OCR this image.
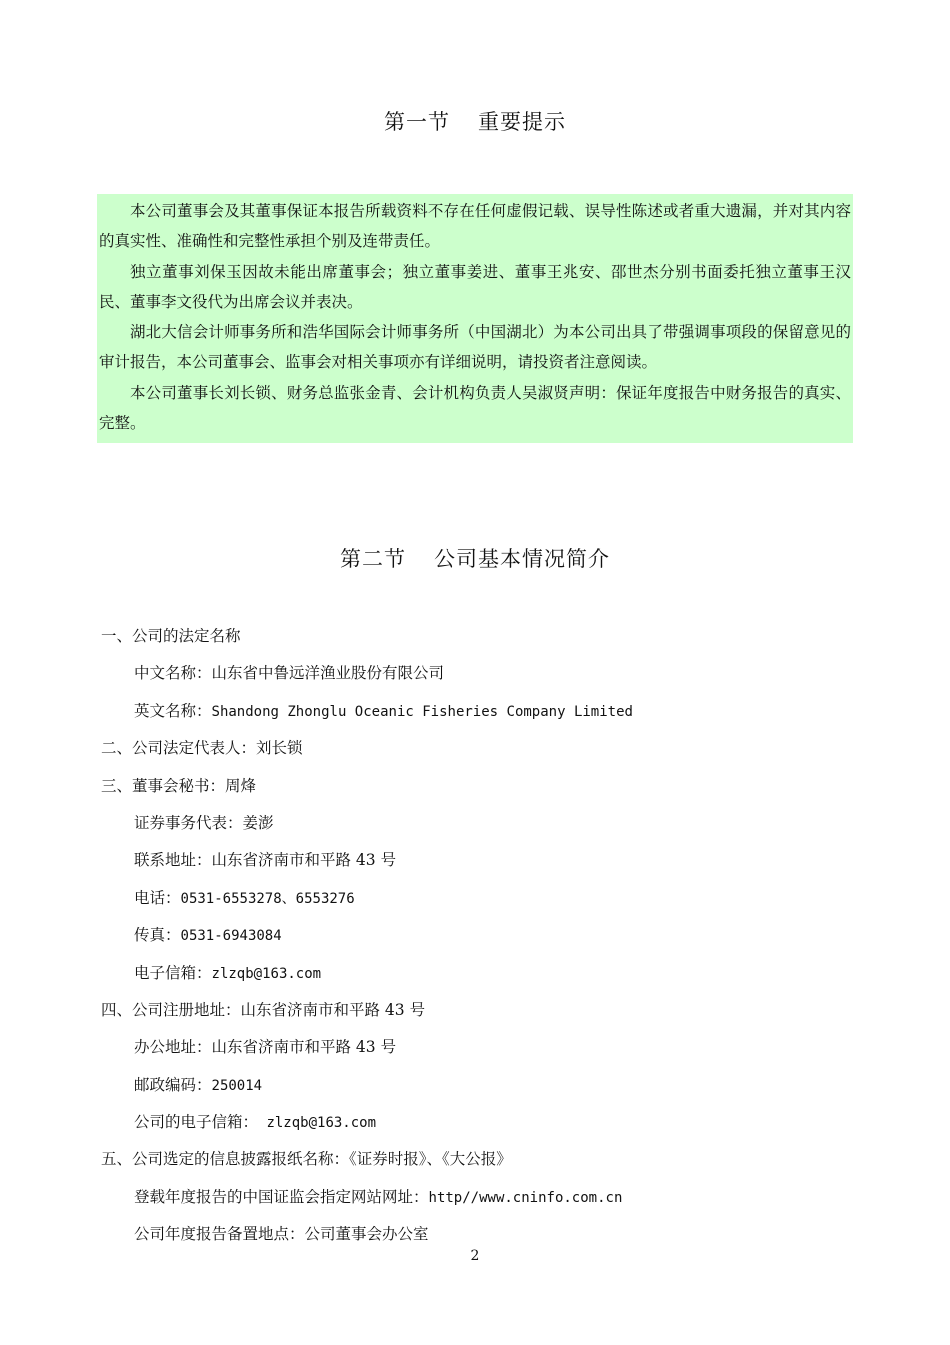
第一节 重要提示

本公司董事会及其董事保证本报告所载资料不存在任何虚假记载、误导性陈述或者重大遗漏，并对其内容的真实性、准确性和完整性承担个别及连带责任。

独立董事刘保玉因故未能出席董事会；独立董事姜进、董事王兆安、邵世杰分别书面委托独立董事王汉民、董事李文役代为出席会议并表决。

湖北大信会计师事务所和浩华国际会计师事务所（中国湖北）为本公司出具了带强调事项段的保留意见的审计报告，本公司董事会、监事会对相关事项亦有详细说明，请投资者注意阅读。

本公司董事长刘长锁、财务总监张金青、会计机构负责人吴淑贤声明：保证年度报告中财务报告的真实、完整。

第二节 公司基本情况简介
一、公司的法定名称
中文名称：山东省中鲁远洋渔业股份有限公司
英文名称：Shandong Zhonglu Oceanic Fisheries Company Limited
二、公司法定代表人：刘长锁
三、董事会秘书：周烽
证券事务代表：姜澎
联系地址：山东省济南市和平路 43 号
电话：0531-6553278、6553276
传真：0531-6943084
电子信箱：zlzqb@163.com
四、公司注册地址：山东省济南市和平路 43 号
办公地址：山东省济南市和平路 43 号
邮政编码：250014
公司的电子信箱： zlzqb@163.com
五、公司选定的信息披露报纸名称：《证券时报》、《大公报》
登载年度报告的中国证监会指定网站网址：http//www.cninfo.com.cn
公司年度报告备置地点：公司董事会办公室
2
